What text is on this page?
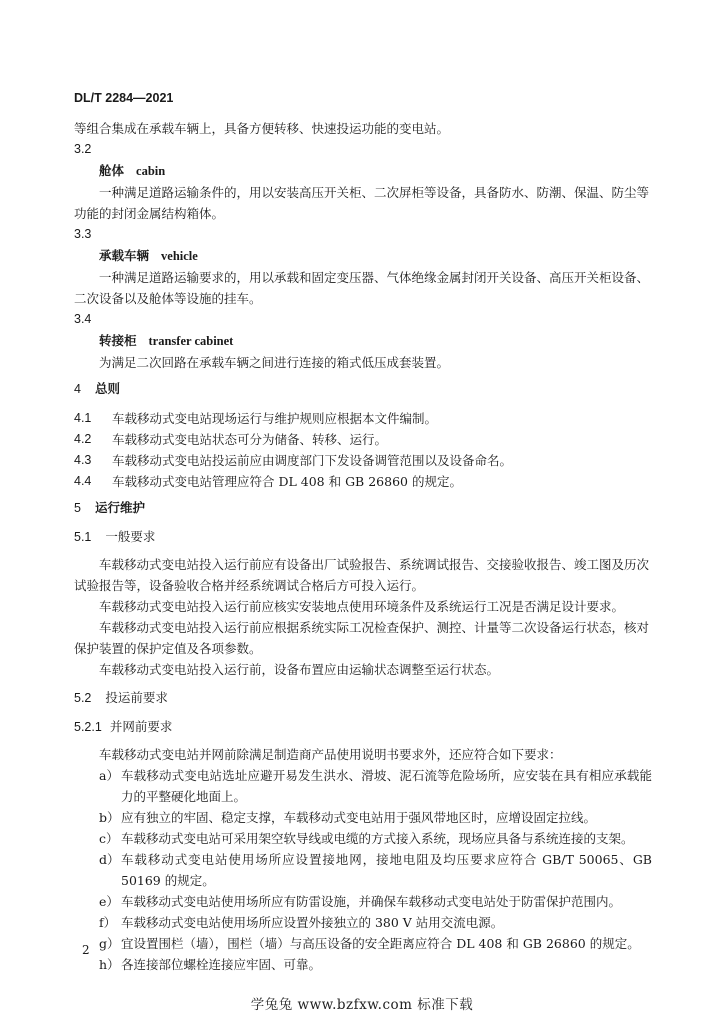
DL/T 2284—2021

等组合集成在承载车辆上，具备方便转移、快速投运功能的变电站。

3.2

舱体 cabin

一种满足道路运输条件的，用以安装高压开关柜、二次屏柜等设备，具备防水、防潮、保温、防尘等功能的封闭金属结构箱体。

3.3

承载车辆 vehicle

一种满足道路运输要求的，用以承载和固定变压器、气体绝缘金属封闭开关设备、高压开关柜设备、二次设备以及舱体等设施的挂车。

3.4

转接柜 transfer cabinet

为满足二次回路在承载车辆之间进行连接的箱式低压成套装置。

4 总则
4.1	车载移动式变电站现场运行与维护规则应根据本文件编制。
4.2	车载移动式变电站状态可分为储备、转移、运行。
4.3	车载移动式变电站投运前应由调度部门下发设备调管范围以及设备命名。
4.4	车载移动式变电站管理应符合 DL 408 和 GB 26860 的规定。
5 运行维护
5.1 一般要求

车载移动式变电站投入运行前应有设备出厂试验报告、系统调试报告、交接验收报告、竣工图及历次试验报告等，设备验收合格并经系统调试合格后方可投入运行。

车载移动式变电站投入运行前应核实安装地点使用环境条件及系统运行工况是否满足设计要求。

车载移动式变电站投入运行前应根据系统实际工况检查保护、测控、计量等二次设备运行状态，核对保护装置的保护定值及各项参数。

车载移动式变电站投入运行前，设备布置应由运输状态调整至运行状态。

5.2 投运前要求
5.2.1 并网前要求

车载移动式变电站并网前除满足制造商产品使用说明书要求外，还应符合如下要求：

a） 车载移动式变电站选址应避开易发生洪水、滑坡、泥石流等危险场所，应安装在具有相应承载能力的平整硬化地面上。
b） 应有独立的牢固、稳定支撑，车载移动式变电站用于强风带地区时，应增设固定拉线。
c） 车载移动式变电站可采用架空软导线或电缆的方式接入系统，现场应具备与系统连接的支架。
d） 车载移动式变电站使用场所应设置接地网，接地电阻及均压要求应符合 GB/T 50065、GB 50169 的规定。
e） 车载移动式变电站使用场所应有防雷设施，并确保车载移动式变电站处于防雷保护范围内。
f） 车载移动式变电站使用场所应设置外接独立的 380 V 站用交流电源。
g） 宜设置围栏（墙），围栏（墙）与高压设备的安全距离应符合 DL 408 和 GB 26860 的规定。
h） 各连接部位螺栓连接应牢固、可靠。
2
学兔兔 www.bzfxw.com 标准下载
